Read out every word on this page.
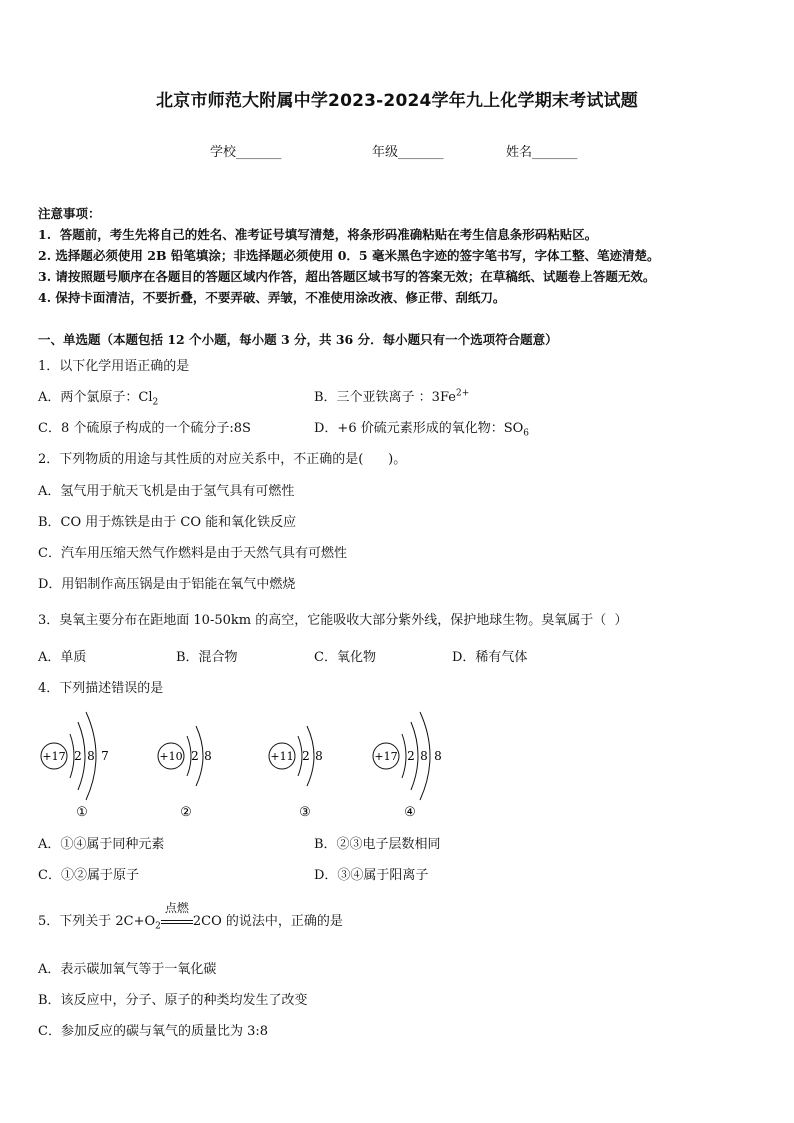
北京市师范大附属中学2023-2024学年九上化学期末考试试题
学校_______	年级_______	姓名_______
注意事项：
1.  答题前，考生先将自己的姓名、准考证号填写清楚，将条形码准确粘贴在考生信息条形码粘贴区。
2. 选择题必须使用 2B 铅笔填涂；非选择题必须使用 0．5 毫米黑色字迹的签字笔书写，字体工整、笔迹清楚。
3. 请按照题号顺序在各题目的答题区域内作答，超出答题区域书写的答案无效；在草稿纸、试题卷上答题无效。
4. 保持卡面清洁，不要折叠，不要弄破、弄皱，不准使用涂改液、修正带、刮纸刀。
一、单选题（本题包括 12 个小题，每小题 3 分，共 36 分．每小题只有一个选项符合题意）
1．以下化学用语正确的是
A．两个氯原子：$Cl_2$	B．三个亚铁离子 ：$3Fe^{2+}$
C．8 个硫原子构成的一个硫分子:8S	D．+6 价硫元素形成的氧化物：$SO_6$
2．下列物质的用途与其性质的对应关系中，不正确的是(      )。
A．氢气用于航天飞机是由于氢气具有可燃性
B．CO 用于炼铁是由于 CO 能和氧化铁反应
C．汽车用压缩天然气作燃料是由于天然气具有可燃性
D．用铝制作高压锅是由于铝能在氧气中燃烧
3．臭氧主要分布在距地面 10-50km 的高空，它能吸收大部分紫外线，保护地球生物。臭氧属于（  ）
A．单质	B．混合物	C．氧化物	D．稀有气体
4．下列描述错误的是
+17 2 8 7
①
+10 2 8
②
+11 2 8
③
+17 2 8 8
④
A．①④属于同种元素	B．②③电子层数相同
C．①②属于原子	D．③④属于阳离子
5．下列关于 $2C+O_2$
点燃
2CO 的说法中，正确的是
A．表示碳加氧气等于一氧化碳
B．该反应中，分子、原子的种类均发生了改变
C．参加反应的碳与氧气的质量比为 3:8
